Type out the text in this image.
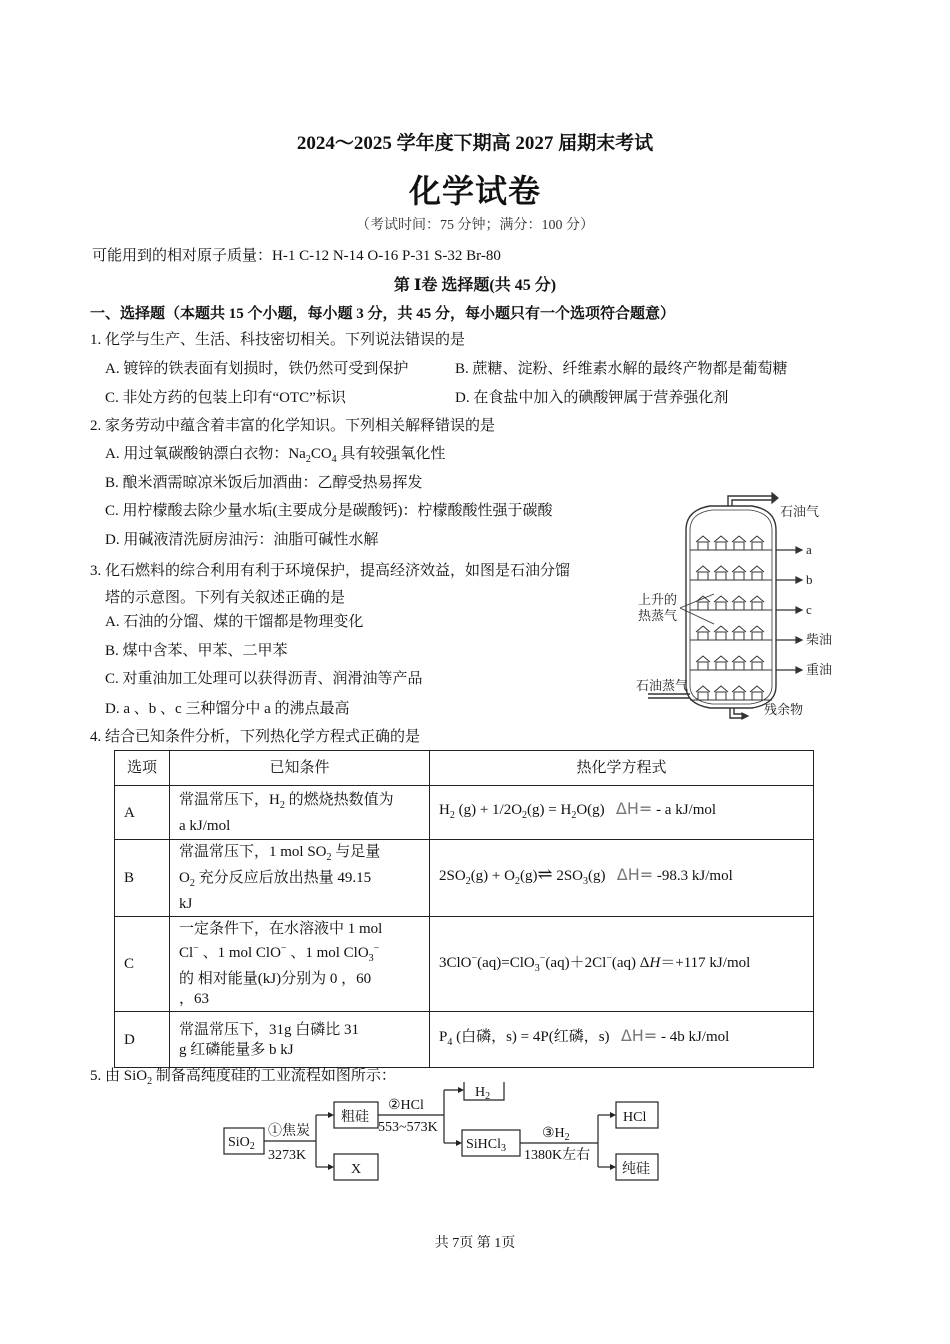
2024～2025 学年度下期高 2027 届期末考试
化学试卷
（考试时间：75 分钟；满分：100 分）
可能用到的相对原子质量：H-1 C-12 N-14 O-16 P-31 S-32 Br-80
第 Ⅰ卷 选择题(共 45 分)
一、选择题（本题共 15 个小题，每小题 3 分，共 45 分，每小题只有一个选项符合题意）
1. 化学与生产、生活、科技密切相关。下列说法错误的是
A. 镀锌的铁表面有划损时，铁仍然可受到保护	B. 蔗糖、淀粉、纤维素水解的最终产物都是葡萄糖
C. 非处方药的包装上印有“OTC”标识	D. 在食盐中加入的碘酸钾属于营养强化剂
2. 家务劳动中蕴含着丰富的化学知识。下列相关解释错误的是
A. 用过氧碳酸钠漂白衣物：$Na_2CO_4$ 具有较强氧化性
B. 酿米酒需晾凉米饭后加酒曲：乙醇受热易挥发
C. 用柠檬酸去除少量水垢(主要成分是碳酸钙)：柠檬酸酸性强于碳酸
D. 用碱液清洗厨房油污：油脂可碱性水解
3. 化石燃料的综合利用有利于环境保护，提高经济效益，如图是石油分馏
塔的示意图。下列有关叙述正确的是
A. 石油的分馏、煤的干馏都是物理变化
B. 煤中含苯、甲苯、二甲苯
C. 对重油加工处理可以获得沥青、润滑油等产品
D. a 、b 、c 三种馏分中 a 的沸点最高
石油气
a
b
c
柴油
重油
上升的
热蒸气
石油蒸气
残余物
4. 结合已知条件分析，下列热化学方程式正确的是
选项	已知条件	热化学方程式
A	常温常压下，$H_2$ 的燃烧热数值为
a kJ/mol	$H_2$ $(g) + 1/2O_2(g) = H_2O(g)$ ΔH= - a kJ/mol
B	常温常压下，1 mol $SO_2$ 与足量
$O_2$ 充分反应后放出热量 49.15
kJ	$2SO_2(g)$ + $O_2(g)\rightleftharpoons$ $2SO_3(g)$ ΔH= -98.3 kJ/mol
C	一定条件下，在水溶液中 1 mol
Cl− 、1 mol ClO− 、1 mol ClO$_3$−
的 相对能量(kJ)分别为 0 ，60
，63	3ClO−(aq)=ClO$_3$−(aq)＋2Cl−(aq) ΔH＝+117 kJ/mol
D	常温常压下，31g 白磷比 31
g 红磷能量多 b kJ	$P_4$ (白磷，s) = 4P(红磷，s) ΔH= - 4b kJ/mol
5. 由 SiO$_2$ 制备高纯度硅的工业流程如图所示：
SiO$_2$
①焦炭
3273K
粗硅
X
②HCl
553~573K
$H_2$
SiHCl$_3$
$③H_2$
1380K左右
HCl
纯硅
共 7页 第 1页
